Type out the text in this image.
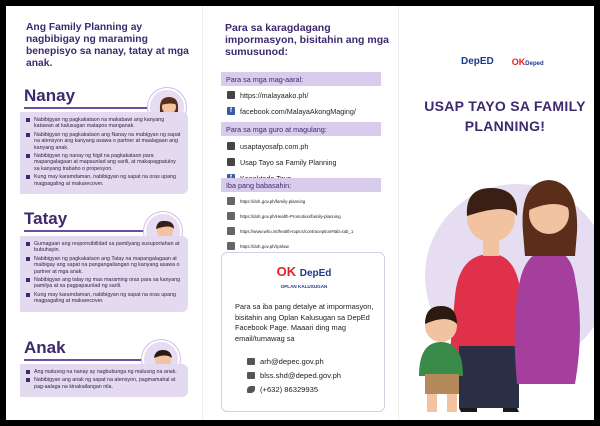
Ang Family Planning ay nagbibigay ng maraming benepisyo sa nanay, tatay at mga anak.
Nanay
Nabibigyan ng pagkakataon na makabawi ang kanyang katawan at kalusugan matapos manganak.
Nabibigyan ng pagkakataon ang Nanay na mabigyan ng sapat na atensyon ang kanyang asawa o partner at maalagaan ang kanyang anak.
Nabibigyan ng nanay ng higit na pagkakataon para mapangalagaan at mapaunlad ang sarili, at makapagpatuloy sa kanyang trabaho o propesyon.
Kung may karamdaman, nabibigyan ng sapat na oras upang magpagaling at makarecover.
Tatay
Gumagaan ang responsibilidad sa pamilyang susuportahan at bubuhayin.
Nabibigyan ng pagkakataon ang Tatay na mapangalagaan at maibigay ang sapat na pangangailangan ng kanyang asawa o partner at mga anak.
Nabibigyan ang tatay ng mas maraming oras para sa kanyang pamilya at sa pagpapaunlad ng sarili.
Kung may karamdaman, nabibigyan ng sapat na oras upang magpagaling at makarecover.
Anak
Ang malusog na nanay ay nagbubunga ng malusog na anak.
Nabibigyan ang anak ng sapat na atensyon, pagmamahal at pag-aalaga na kinakailangan nila.
Para sa karagdagang impormasyon, bisitahin ang mga sumusunod:
Para sa mga mag-aaral:
https://malayaako.ph/
f	facebook.com/MalayaAkongMaging/
Para sa mga guro at magulang:
usaptayosafp.com.ph
Usap Tayo sa Family Planning
Iba pang babasahin:
https://doh.gov.ph/family-planning
https://doh.gov.ph/Health-Promotion/family-planning
https://www.who.int/health-topics/contraception#tab=tab_1
https://doh.gov.ph/rpnlaw
OK DepEd
OPLAN KALUSUGAN
Para sa iba pang detalye at impormasyon, bisitahin ang Oplan Kalusugan sa DepEd Facebook Page. Maaari ding mag email/tumawag sa
arh@depec.gov.ph
blss.shd@deped.gov.ph
(+632) 86329935
DepED OKDeped
USAP TAYO SA FAMILY PLANNING!
